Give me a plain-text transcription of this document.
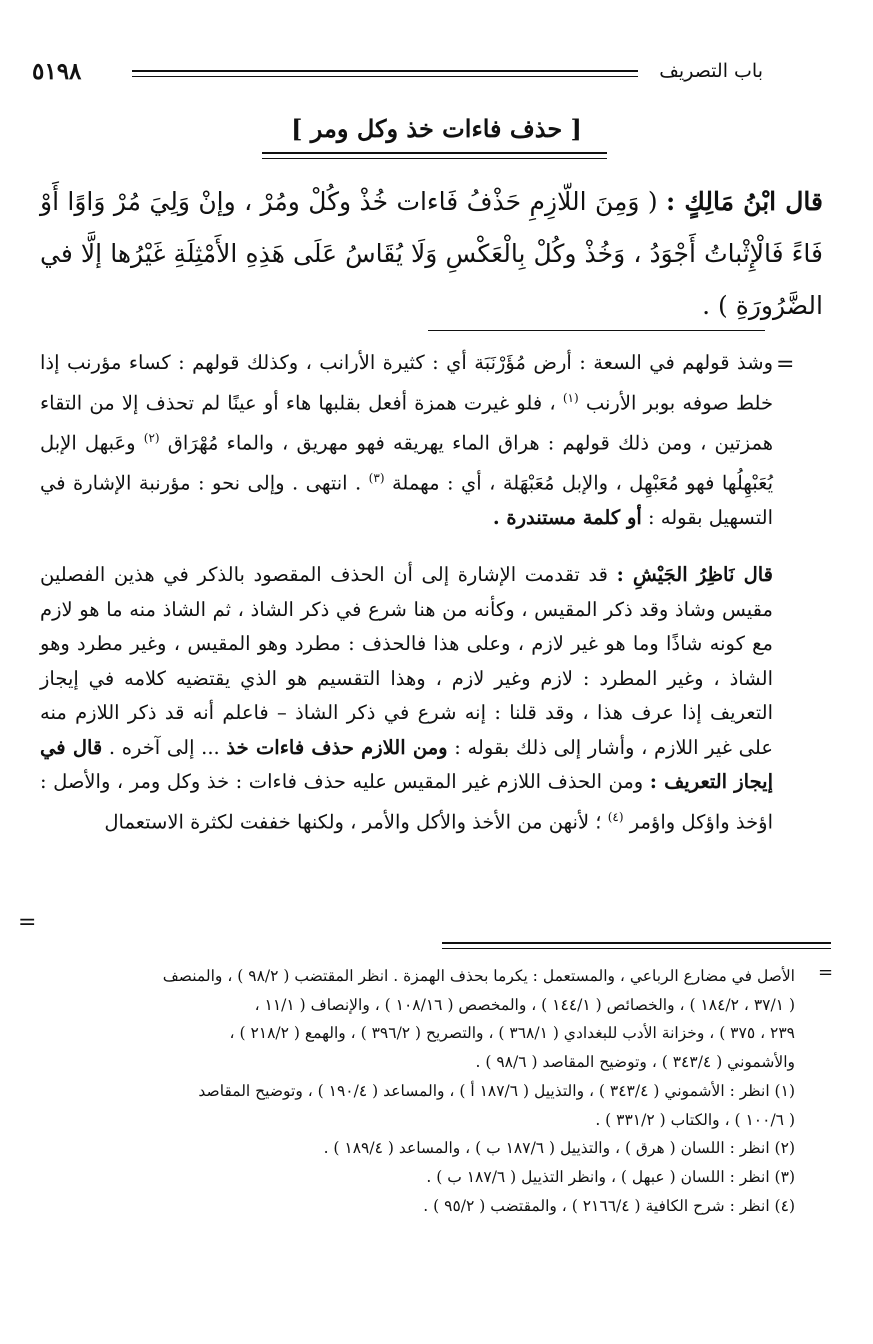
٥١٩٨	باب التصريف
[ حذف فاءات خذ وكل ومر ]
قال ابْنُ مَالِكٍ : ( وَمِنَ اللّازِمِ حَذْفُ فَاءات خُذْ وكُلْ ومُرْ ، وإنْ وَلِيَ مُرْ وَاوًا أَوْ فَاءً فَالْإِثْباتُ أَجْوَدُ ، وَخُذْ وكُلْ بِالْعَكْسِ وَلَا يُقَاسُ عَلَى هَذِهِ الأَمْثِلَةِ غَيْرُها إلَّا في الضَّرُورَةِ ) .
=
وشذ قولهم في السعة : أرض مُؤَرْنَبَة أي : كثيرة الأرانب ، وكذلك قولهم : كساء مؤرنب إذا خلط صوفه بوبر الأرنب $^{(١)}$ ، فلو غيرت همزة أفعل بقلبها هاء أو عينًا لم تحذف إلا من التقاء همزتين ، ومن ذلك قولهم : هراق الماء يهريقه فهو مهريق ، والماء مُهْرَاق $^{(٢)}$ وعَبهل الإبل يُعَبْهِلُها فهو مُعَبْهِل ، والإبل مُعَبْهَلة ، أي : مهملة $^{(٣)}$ . انتهى . وإلى نحو : مؤرنبة الإشارة في التسهيل بقوله : أو كلمة مستندرة .
قال نَاظِرُ الجَيْشِ : قد تقدمت الإشارة إلى أن الحذف المقصود بالذكر في هذين الفصلين مقيس وشاذ وقد ذكر المقيس ، وكأنه من هنا شرع في ذكر الشاذ ، ثم الشاذ منه ما هو لازم مع كونه شاذًا وما هو غير لازم ، وعلى هذا فالحذف : مطرد وهو المقيس ، وغير مطرد وهو الشاذ ، وغير المطرد : لازم وغير لازم ، وهذا التقسيم هو الذي يقتضيه كلامه في إيجاز التعريف إذا عرف هذا ، وقد قلنا : إنه شرع في ذكر الشاذ – فاعلم أنه قد ذكر اللازم منه على غير اللازم ، وأشار إلى ذلك بقوله : ومن اللازم حذف فاءات خذ ... إلى آخره . قال في إيجاز التعريف : ومن الحذف اللازم غير المقيس عليه حذف فاءات : خذ وكل ومر ، والأصل : اؤخذ واؤكل واؤمر $^{(٤)}$ ؛ لأنهن من الأخذ والأكل والأمر ، ولكنها خففت لكثرة الاستعمال
=
=
الأصل في مضارع الرباعي ، والمستعمل : يكرما بحذف الهمزة . انظر المقتضب ( ٩٨/٢ ) ، والمنصف
( ٣٧/١ ، ١٨٤/٢ ) ، والخصائص ( ١٤٤/١ ) ، والمخصص ( ١٠٨/١٦ ) ، والإنصاف ( ١١/١ ،
٢٣٩ ، ٣٧٥ ) ، وخزانة الأدب للبغدادي ( ٣٦٨/١ ) ، والتصريح ( ٣٩٦/٢ ) ، والهمع ( ٢١٨/٢ ) ،
والأشموني ( ٣٤٣/٤ ) ، وتوضيح المقاصد ( ٩٨/٦ ) .
(١) انظر : الأشموني ( ٣٤٣/٤ ) ، والتذييل ( ١٨٧/٦ أ ) ، والمساعد ( ١٩٠/٤ ) ، وتوضيح المقاصد
( ١٠٠/٦ ) ، والكتاب ( ٣٣١/٢ ) .
(٢) انظر : اللسان ( هرق ) ، والتذييل ( ١٨٧/٦ ب ) ، والمساعد ( ١٨٩/٤ ) .
(٣) انظر : اللسان ( عبهل ) ، وانظر التذييل ( ١٨٧/٦ ب ) .
(٤) انظر : شرح الكافية ( ٢١٦٦/٤ ) ، والمقتضب ( ٩٥/٢ ) .
